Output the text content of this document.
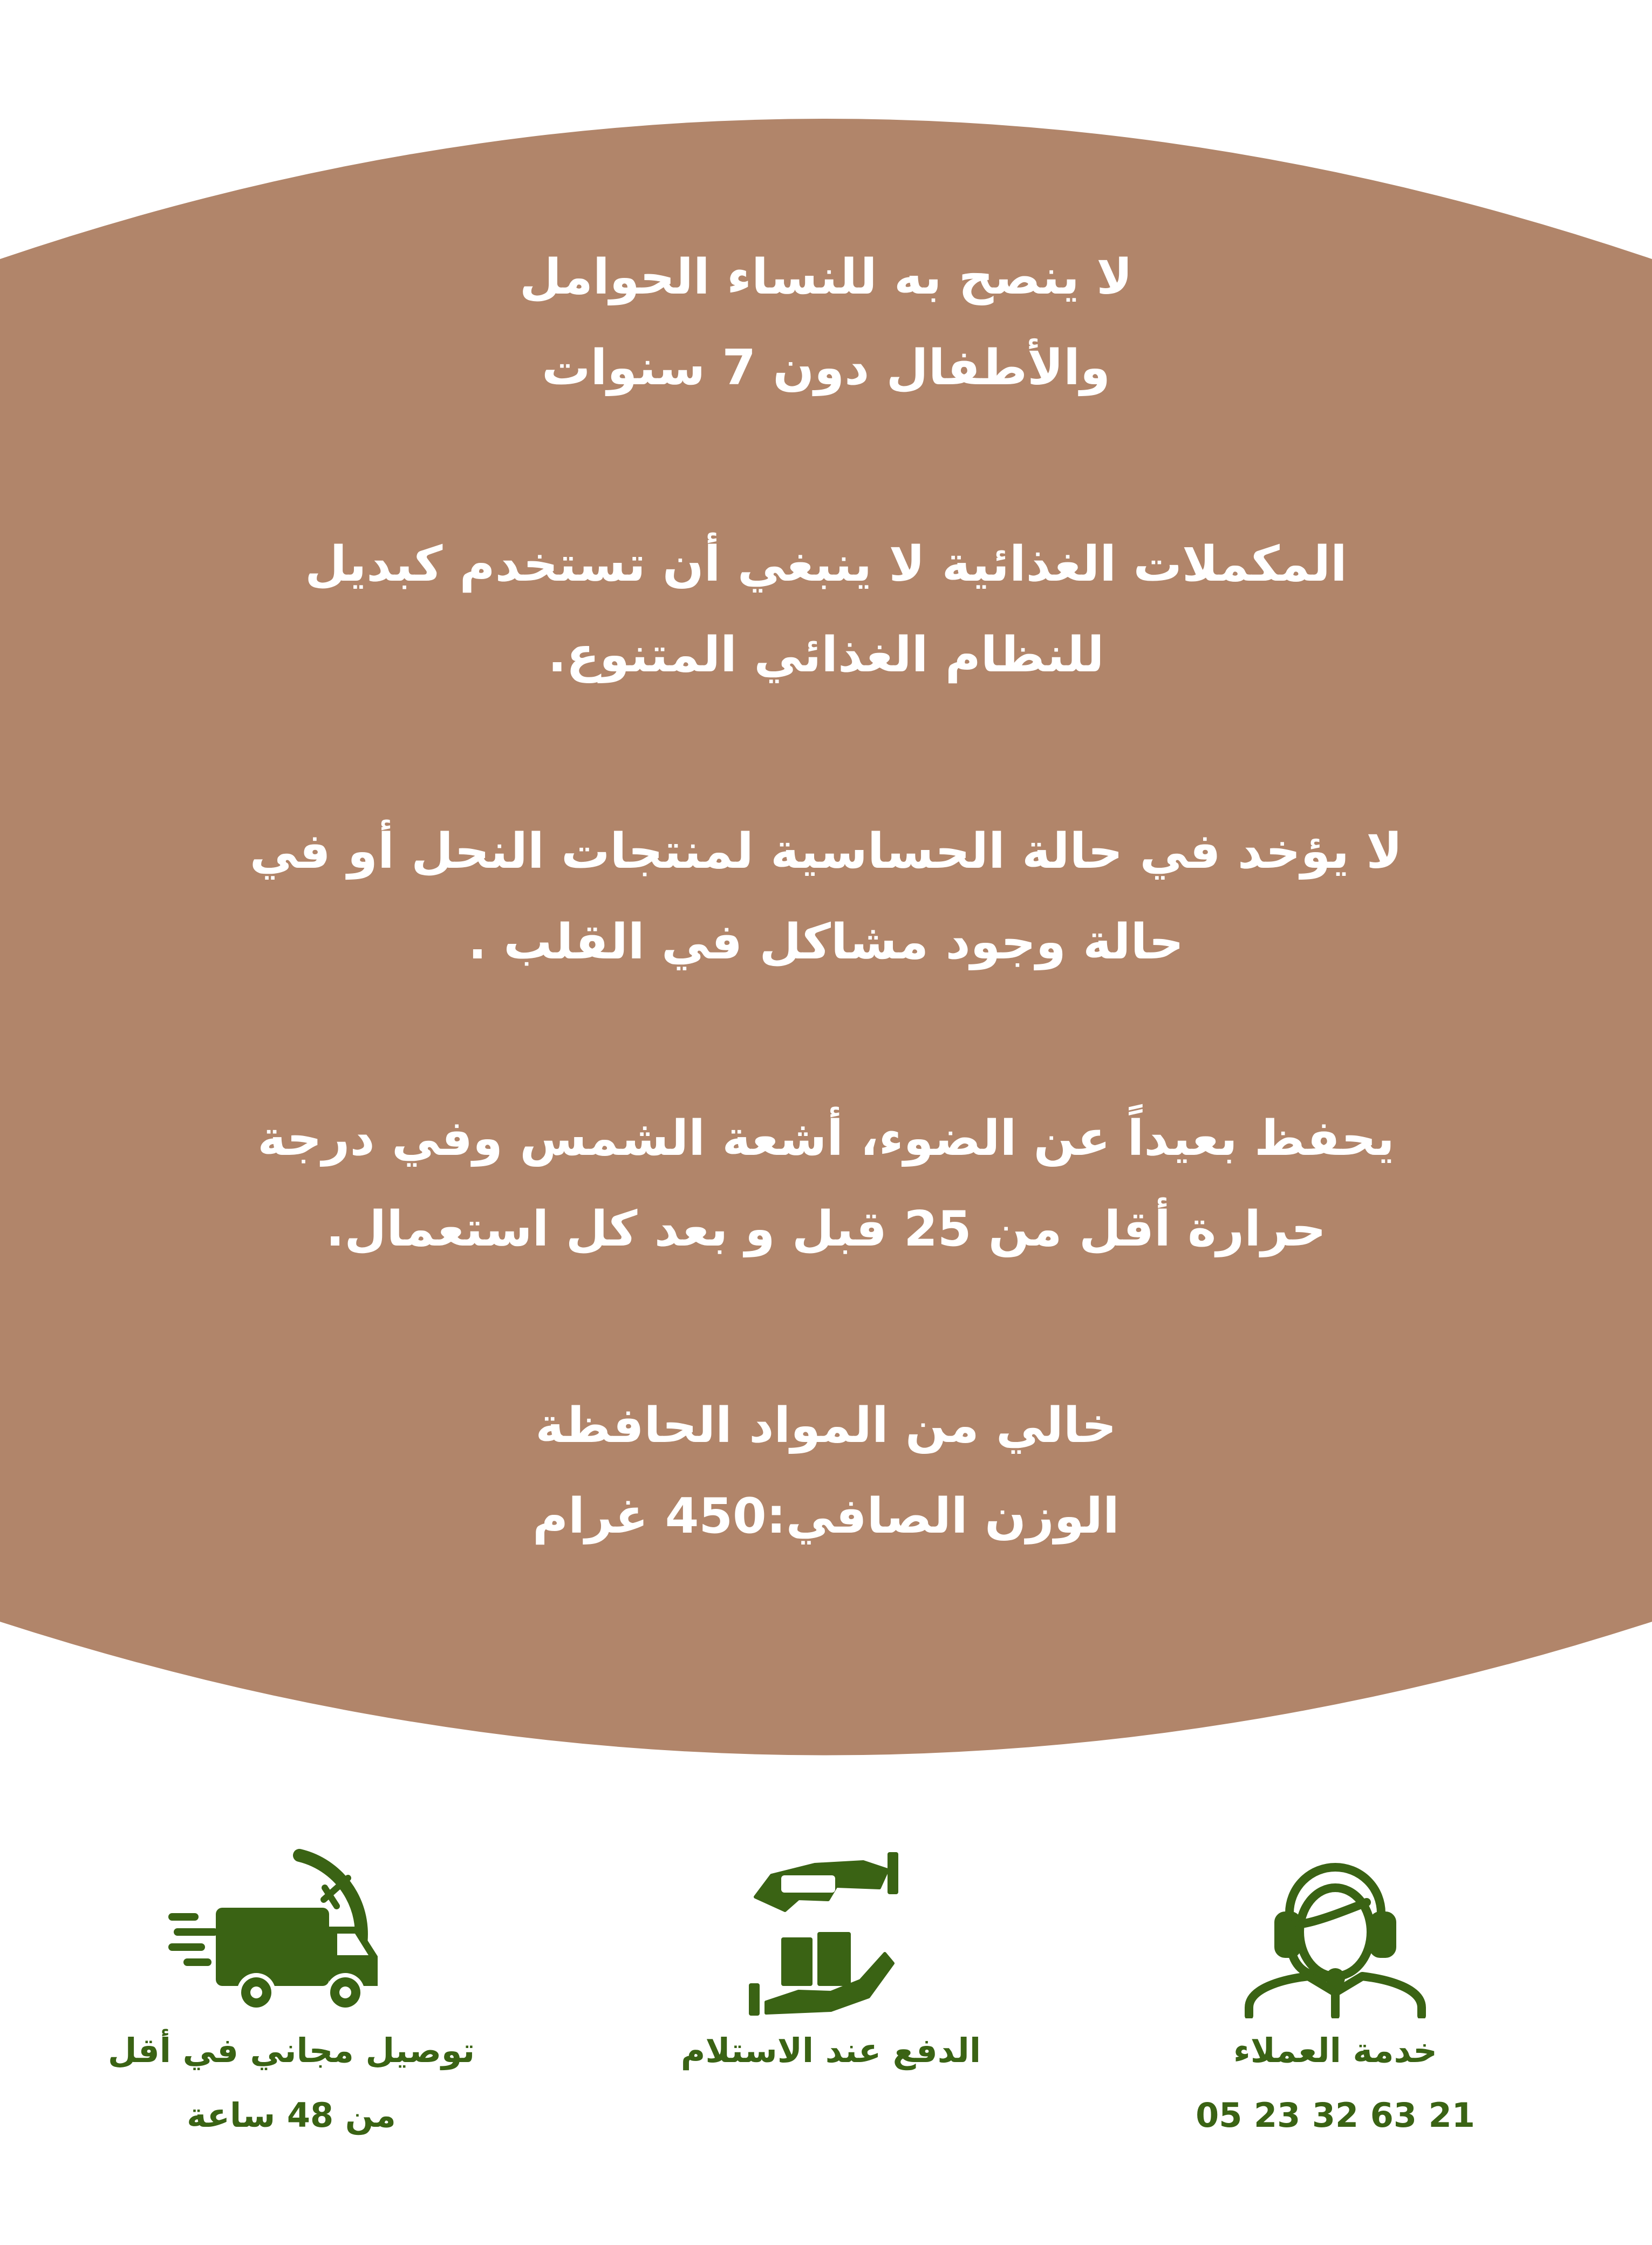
لا ينصح به للنساء الحوامل
والأطفال دون 7 سنوات
المكملات الغذائية لا ينبغي أن تستخدم كبديل
للنظام الغذائي المتنوع.
لا يؤخد في حالة الحساسية لمنتجات النحل أو في
حالة وجود مشاكل في القلب .
يحفظ بعيداً عن الضوء، أشعة الشمس وفي درجة
حرارة أقل من 25 قبل و بعد كل استعمال.
خالي من المواد الحافظة
الوزن الصافي:450 غرام
خدمة العملاء
05 23 32 63 21
الدفع عند الاستلام
توصيل مجاني في أقل
من 48 ساعة
